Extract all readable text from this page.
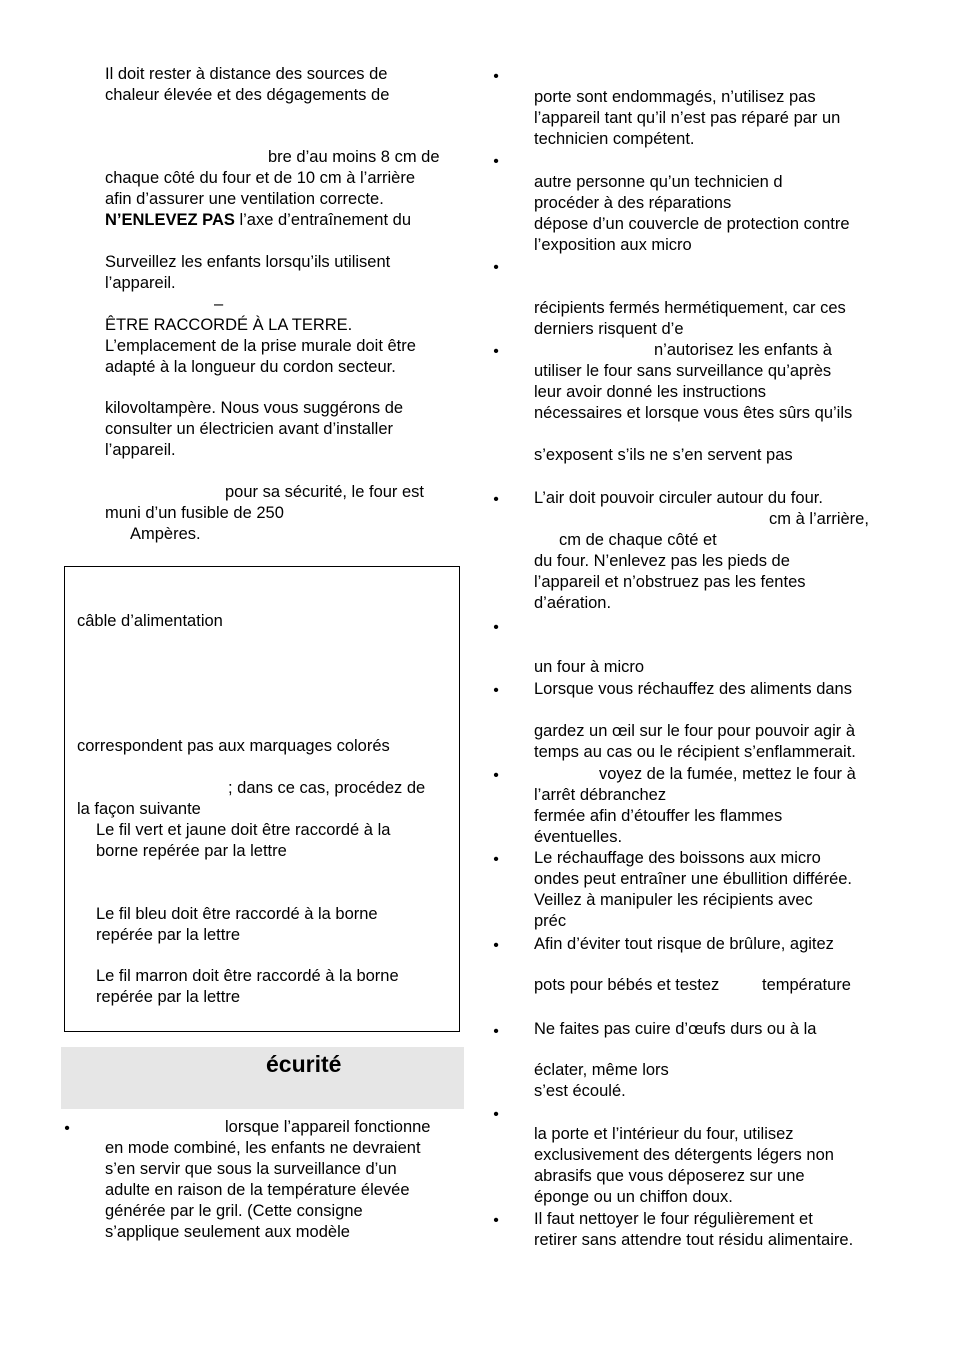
Il doit rester à distance des sources de

chaleur élevée et des dégagements de

bre d’au moins 8 cm de

chaque côté du four et de 10 cm à l’arrière

afin d’assurer une ventilation correcte.

N’ENLEVEZ PAS l’axe d’entraînement du

Surveillez les enfants lorsqu’ils utilisent

l’appareil.

–

ÊTRE RACCORDÉ À LA TERRE.

L’emplacement de la prise murale doit être

adapté à la longueur du cordon secteur.

kilovoltampère. Nous vous suggérons de

consulter un électricien avant d’installer

l’appareil.

pour sa sécurité, le four est

muni d’un fusible de 250

Ampères.

câble d’alimentation

correspondent pas aux marquages colorés

; dans ce cas, procédez de

la façon suivante

Le fil vert et jaune doit être raccordé à la

borne repérée par la lettre

Le fil bleu doit être raccordé à la borne

repérée par la lettre

Le fil marron doit être raccordé à la borne

repérée par la lettre

écurité
•	lorsque l’appareil fonctionne

en mode combiné, les enfants ne devraient

s’en servir que sous la surveillance d’un

adulte en raison de la température élevée

générée par le gril. (Cette consigne

s’applique seulement aux modèle

•

porte sont endommagés, n’utilisez pas

l’appareil tant qu’il n’est pas réparé par un

technicien compétent.

•

autre personne qu’un technicien d

procéder à des réparations

dépose d’un couvercle de protection contre

l’exposition aux micro

•

récipients fermés hermétiquement, car ces

derniers risquent d’e

•	n’autorisez les enfants à

utiliser le four sans surveillance qu’après

leur avoir donné les instructions

nécessaires et lorsque vous êtes sûrs qu’ils

s’exposent s’ils ne s’en servent pas

• L’air doit pouvoir circuler autour du four.

cm à l’arrière,

cm de chaque côté et

du four. N’enlevez pas les pieds de

l’appareil et n’obstruez pas les fentes

d’aération.

•

un four à micro

• Lorsque vous réchauffez des aliments dans

gardez un œil sur le four pour pouvoir agir à

temps au cas ou le récipient s’enflammerait.

•	voyez de la fumée, mettez le four à

l’arrêt débranchez

fermée afin d’étouffer les flammes

éventuelles.

• Le réchauffage des boissons aux micro

ondes peut entraîner une ébullition différée.

Veillez à manipuler les récipients avec

préc

• Afin d’éviter tout risque de brûlure, agitez

pots pour bébés et testez	température

• Ne faites pas cuire d’œufs durs ou à la

éclater, même lors

s’est écoulé.

•

la porte et l’intérieur du four, utilisez

exclusivement des détergents légers non

abrasifs que vous déposerez sur une

éponge ou un chiffon doux.

• Il faut nettoyer le four régulièrement et

retirer sans attendre tout résidu alimentaire.
